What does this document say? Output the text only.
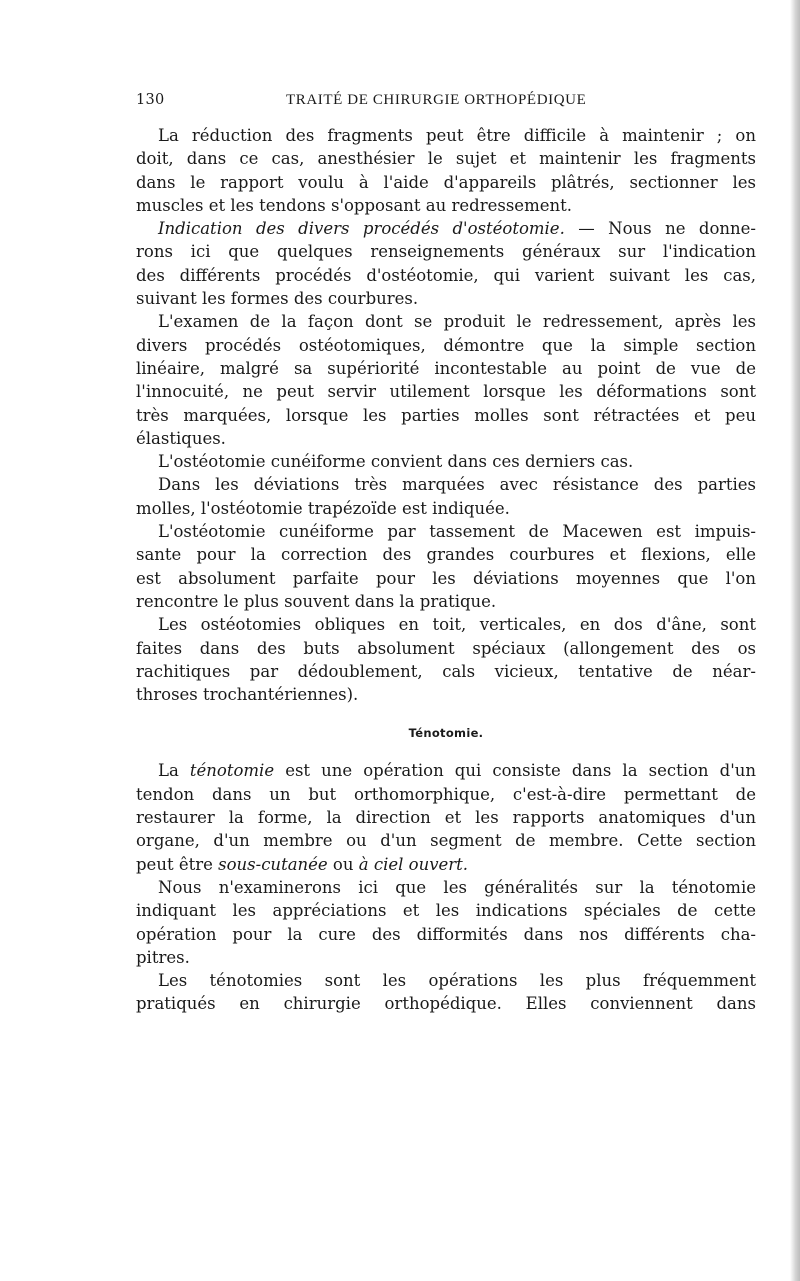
130	TRAITÉ DE CHIRURGIE ORTHOPÉDIQUE
La réduction des fragments peut être difficile à maintenir ; on
doit, dans ce cas, anesthésier le sujet et maintenir les fragments
dans le rapport voulu à l'aide d'appareils plâtrés, sectionner les
muscles et les tendons s'opposant au redressement.
Indication des divers procédés d'ostéotomie. — Nous ne donne-
rons ici que quelques renseignements généraux sur l'indication
des différents procédés d'ostéotomie, qui varient suivant les cas,
suivant les formes des courbures.
L'examen de la façon dont se produit le redressement, après les
divers procédés ostéotomiques, démontre que la simple section
linéaire, malgré sa supériorité incontestable au point de vue de
l'innocuité, ne peut servir utilement lorsque les déformations sont
très marquées, lorsque les parties molles sont rétractées et peu
élastiques.
L'ostéotomie cunéiforme convient dans ces derniers cas.
Dans les déviations très marquées avec résistance des parties
molles, l'ostéotomie trapézoïde est indiquée.
L'ostéotomie cunéiforme par tassement de Macewen est impuis-
sante pour la correction des grandes courbures et flexions, elle
est absolument parfaite pour les déviations moyennes que l'on
rencontre le plus souvent dans la pratique.
Les ostéotomies obliques en toit, verticales, en dos d'âne, sont
faites dans des buts absolument spéciaux (allongement des os
rachitiques par dédoublement, cals vicieux, tentative de néar-
throses trochantériennes).
Ténotomie.
La ténotomie est une opération qui consiste dans la section d'un
tendon dans un but orthomorphique, c'est-à-dire permettant de
restaurer la forme, la direction et les rapports anatomiques d'un
organe, d'un membre ou d'un segment de membre. Cette section
peut être sous-cutanée ou à ciel ouvert.
Nous n'examinerons ici que les généralités sur la ténotomie
indiquant les appréciations et les indications spéciales de cette
opération pour la cure des difformités dans nos différents cha-
pitres.
Les ténotomies sont les opérations les plus fréquemment
pratiqués en chirurgie orthopédique. Elles conviennent dans
